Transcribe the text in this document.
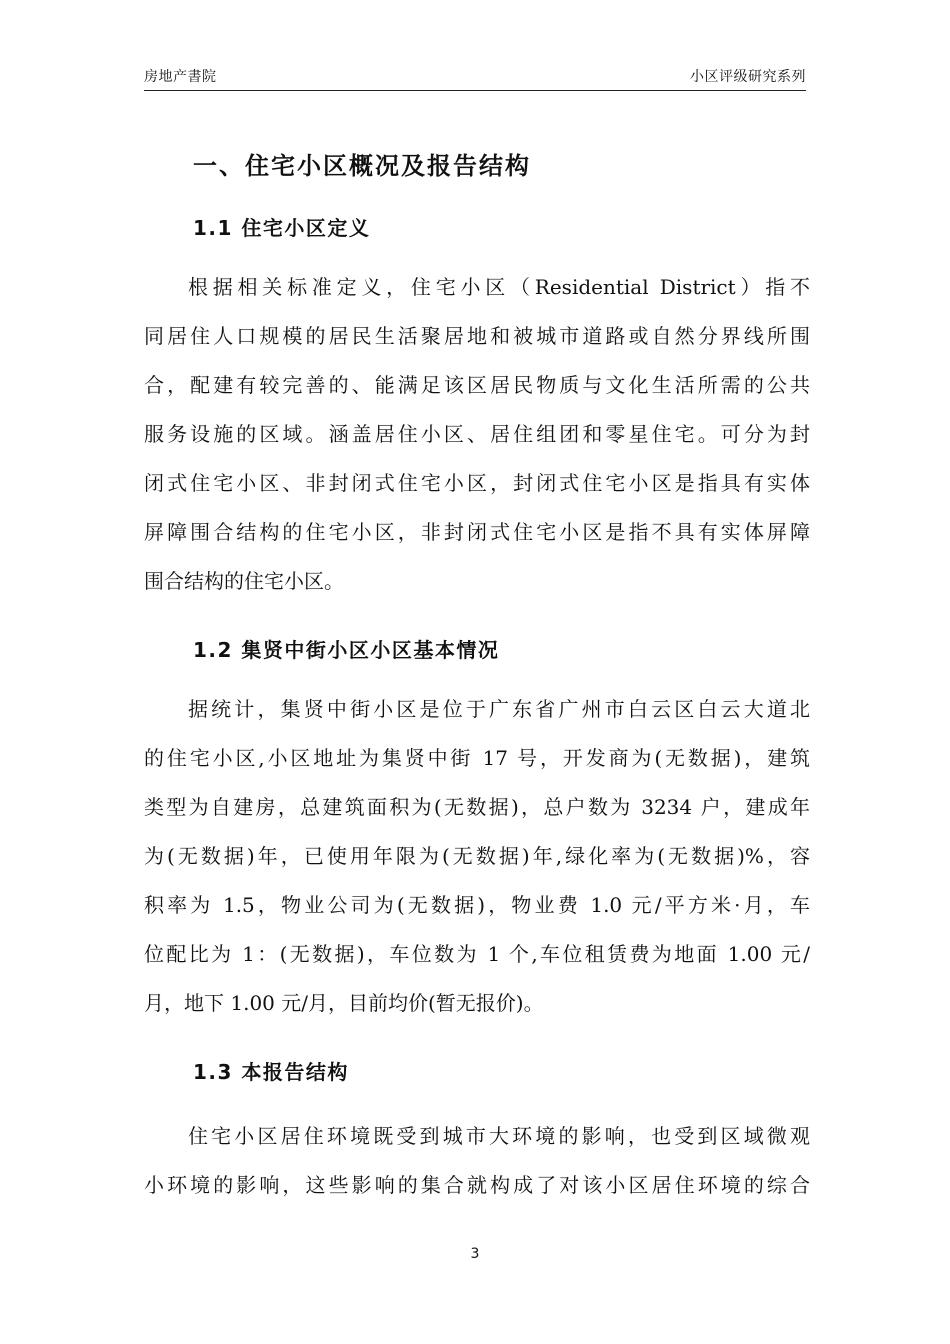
房地产書院	小区评级研究系列
一、住宅小区概况及报告结构
1.1 住宅小区定义
根据相关标准定义，住宅小区（Residential District）指不
同居住人口规模的居民生活聚居地和被城市道路或自然分界线所围
合，配建有较完善的、能满足该区居民物质与文化生活所需的公共
服务设施的区域。涵盖居住小区、居住组团和零星住宅。可分为封
闭式住宅小区、非封闭式住宅小区，封闭式住宅小区是指具有实体
屏障围合结构的住宅小区，非封闭式住宅小区是指不具有实体屏障
围合结构的住宅小区。
1.2 集贤中街小区小区基本情况
据统计，集贤中街小区是位于广东省广州市白云区白云大道北
的住宅小区,小区地址为集贤中街 17 号，开发商为(无数据)，建筑
类型为自建房，总建筑面积为(无数据)，总户数为 3234 户，建成年
为(无数据)年，已使用年限为(无数据)年,绿化率为(无数据)%，容
积率为 1.5，物业公司为(无数据)，物业费 1.0 元/平方米·月，车
位配比为 1：(无数据)，车位数为 1 个,车位租赁费为地面 1.00 元/
月，地下 1.00 元/月，目前均价(暂无报价)。
1.3 本报告结构
住宅小区居住环境既受到城市大环境的影响，也受到区域微观
小环境的影响，这些影响的集合就构成了对该小区居住环境的综合
3
